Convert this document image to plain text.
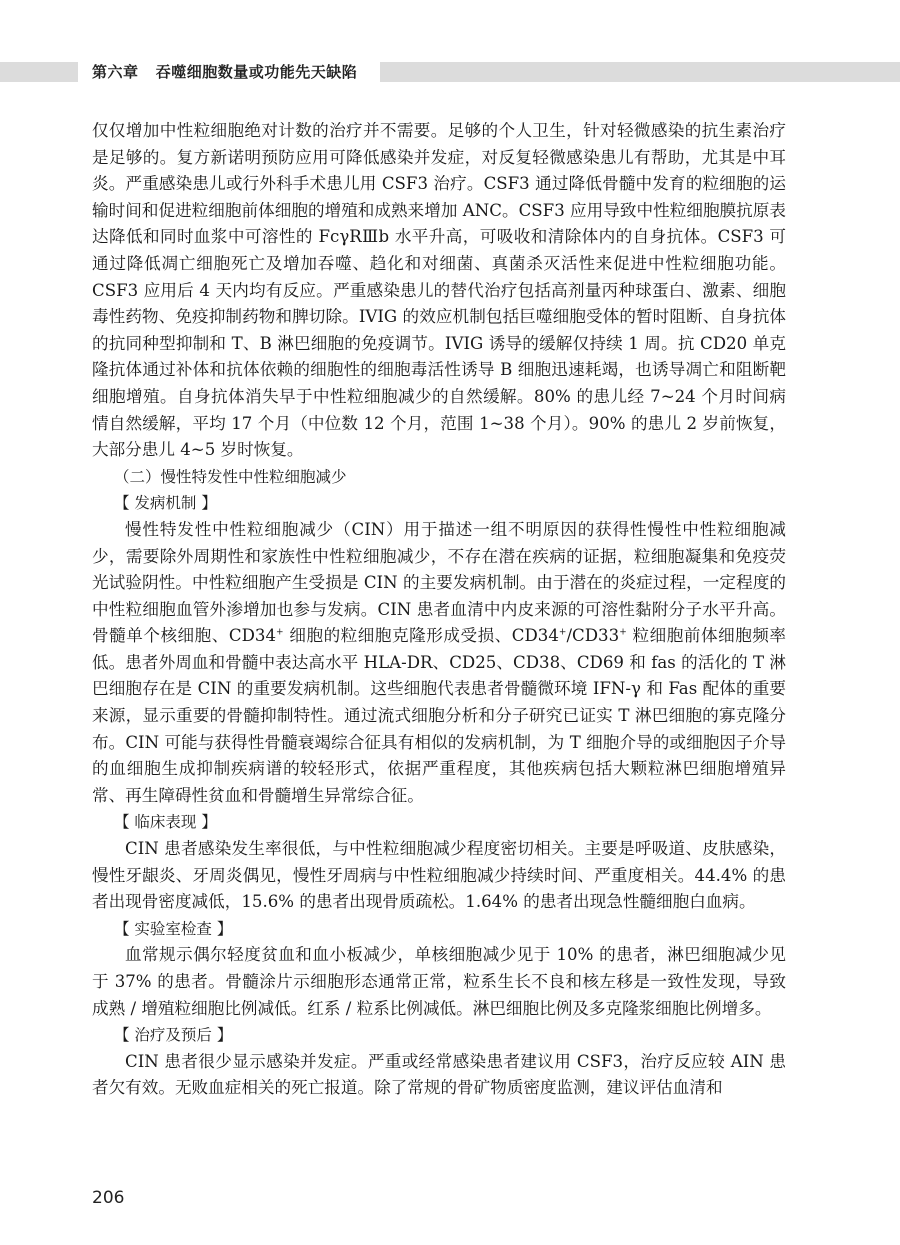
第六章 吞噬细胞数量或功能先天缺陷

仅仅增加中性粒细胞绝对计数的治疗并不需要。足够的个人卫生，针对轻微感染的抗生素治疗是足够的。复方新诺明预防应用可降低感染并发症，对反复轻微感染患儿有帮助，尤其是中耳炎。严重感染患儿或行外科手术患儿用 CSF3 治疗。CSF3 通过降低骨髓中发育的粒细胞的运输时间和促进粒细胞前体细胞的增殖和成熟来增加 ANC。CSF3 应用导致中性粒细胞膜抗原表达降低和同时血浆中可溶性的 FcγRⅢb 水平升高，可吸收和清除体内的自身抗体。CSF3 可通过降低凋亡细胞死亡及增加吞噬、趋化和对细菌、真菌杀灭活性来促进中性粒细胞功能。CSF3 应用后 4 天内均有反应。严重感染患儿的替代治疗包括高剂量丙种球蛋白、激素、细胞毒性药物、免疫抑制药物和脾切除。IVIG 的效应机制包括巨噬细胞受体的暂时阻断、自身抗体的抗同种型抑制和 T、B 淋巴细胞的免疫调节。IVIG 诱导的缓解仅持续 1 周。抗 CD20 单克隆抗体通过补体和抗体依赖的细胞性的细胞毒活性诱导 B 细胞迅速耗竭，也诱导凋亡和阻断靶细胞增殖。自身抗体消失早于中性粒细胞减少的自然缓解。80% 的患儿经 7~24 个月时间病情自然缓解，平均 17 个月（中位数 12 个月，范围 1~38 个月）。90% 的患儿 2 岁前恢复，大部分患儿 4~5 岁时恢复。

（二）慢性特发性中性粒细胞减少

【 发病机制 】

慢性特发性中性粒细胞减少（CIN）用于描述一组不明原因的获得性慢性中性粒细胞减少，需要除外周期性和家族性中性粒细胞减少，不存在潜在疾病的证据，粒细胞凝集和免疫荧光试验阴性。中性粒细胞产生受损是 CIN 的主要发病机制。由于潜在的炎症过程，一定程度的中性粒细胞血管外渗增加也参与发病。CIN 患者血清中内皮来源的可溶性黏附分子水平升高。骨髓单个核细胞、CD34+ 细胞的粒细胞克隆形成受损、CD34+/CD33+ 粒细胞前体细胞频率低。患者外周血和骨髓中表达高水平 HLA-DR、CD25、CD38、CD69 和 fas 的活化的 T 淋巴细胞存在是 CIN 的重要发病机制。这些细胞代表患者骨髓微环境 IFN-γ 和 Fas 配体的重要来源，显示重要的骨髓抑制特性。通过流式细胞分析和分子研究已证实 T 淋巴细胞的寡克隆分布。CIN 可能与获得性骨髓衰竭综合征具有相似的发病机制，为 T 细胞介导的或细胞因子介导的血细胞生成抑制疾病谱的较轻形式，依据严重程度，其他疾病包括大颗粒淋巴细胞增殖异常、再生障碍性贫血和骨髓增生异常综合征。

【 临床表现 】

CIN 患者感染发生率很低，与中性粒细胞减少程度密切相关。主要是呼吸道、皮肤感染，慢性牙龈炎、牙周炎偶见，慢性牙周病与中性粒细胞减少持续时间、严重度相关。44.4% 的患者出现骨密度减低，15.6% 的患者出现骨质疏松。1.64% 的患者出现急性髓细胞白血病。

【 实验室检查 】

血常规示偶尔轻度贫血和血小板减少，单核细胞减少见于 10% 的患者，淋巴细胞减少见于 37% 的患者。骨髓涂片示细胞形态通常正常，粒系生长不良和核左移是一致性发现，导致成熟 / 增殖粒细胞比例减低。红系 / 粒系比例减低。淋巴细胞比例及多克隆浆细胞比例增多。

【 治疗及预后 】

CIN 患者很少显示感染并发症。严重或经常感染患者建议用 CSF3，治疗反应较 AIN 患者欠有效。无败血症相关的死亡报道。除了常规的骨矿物质密度监测，建议评估血清和

206
